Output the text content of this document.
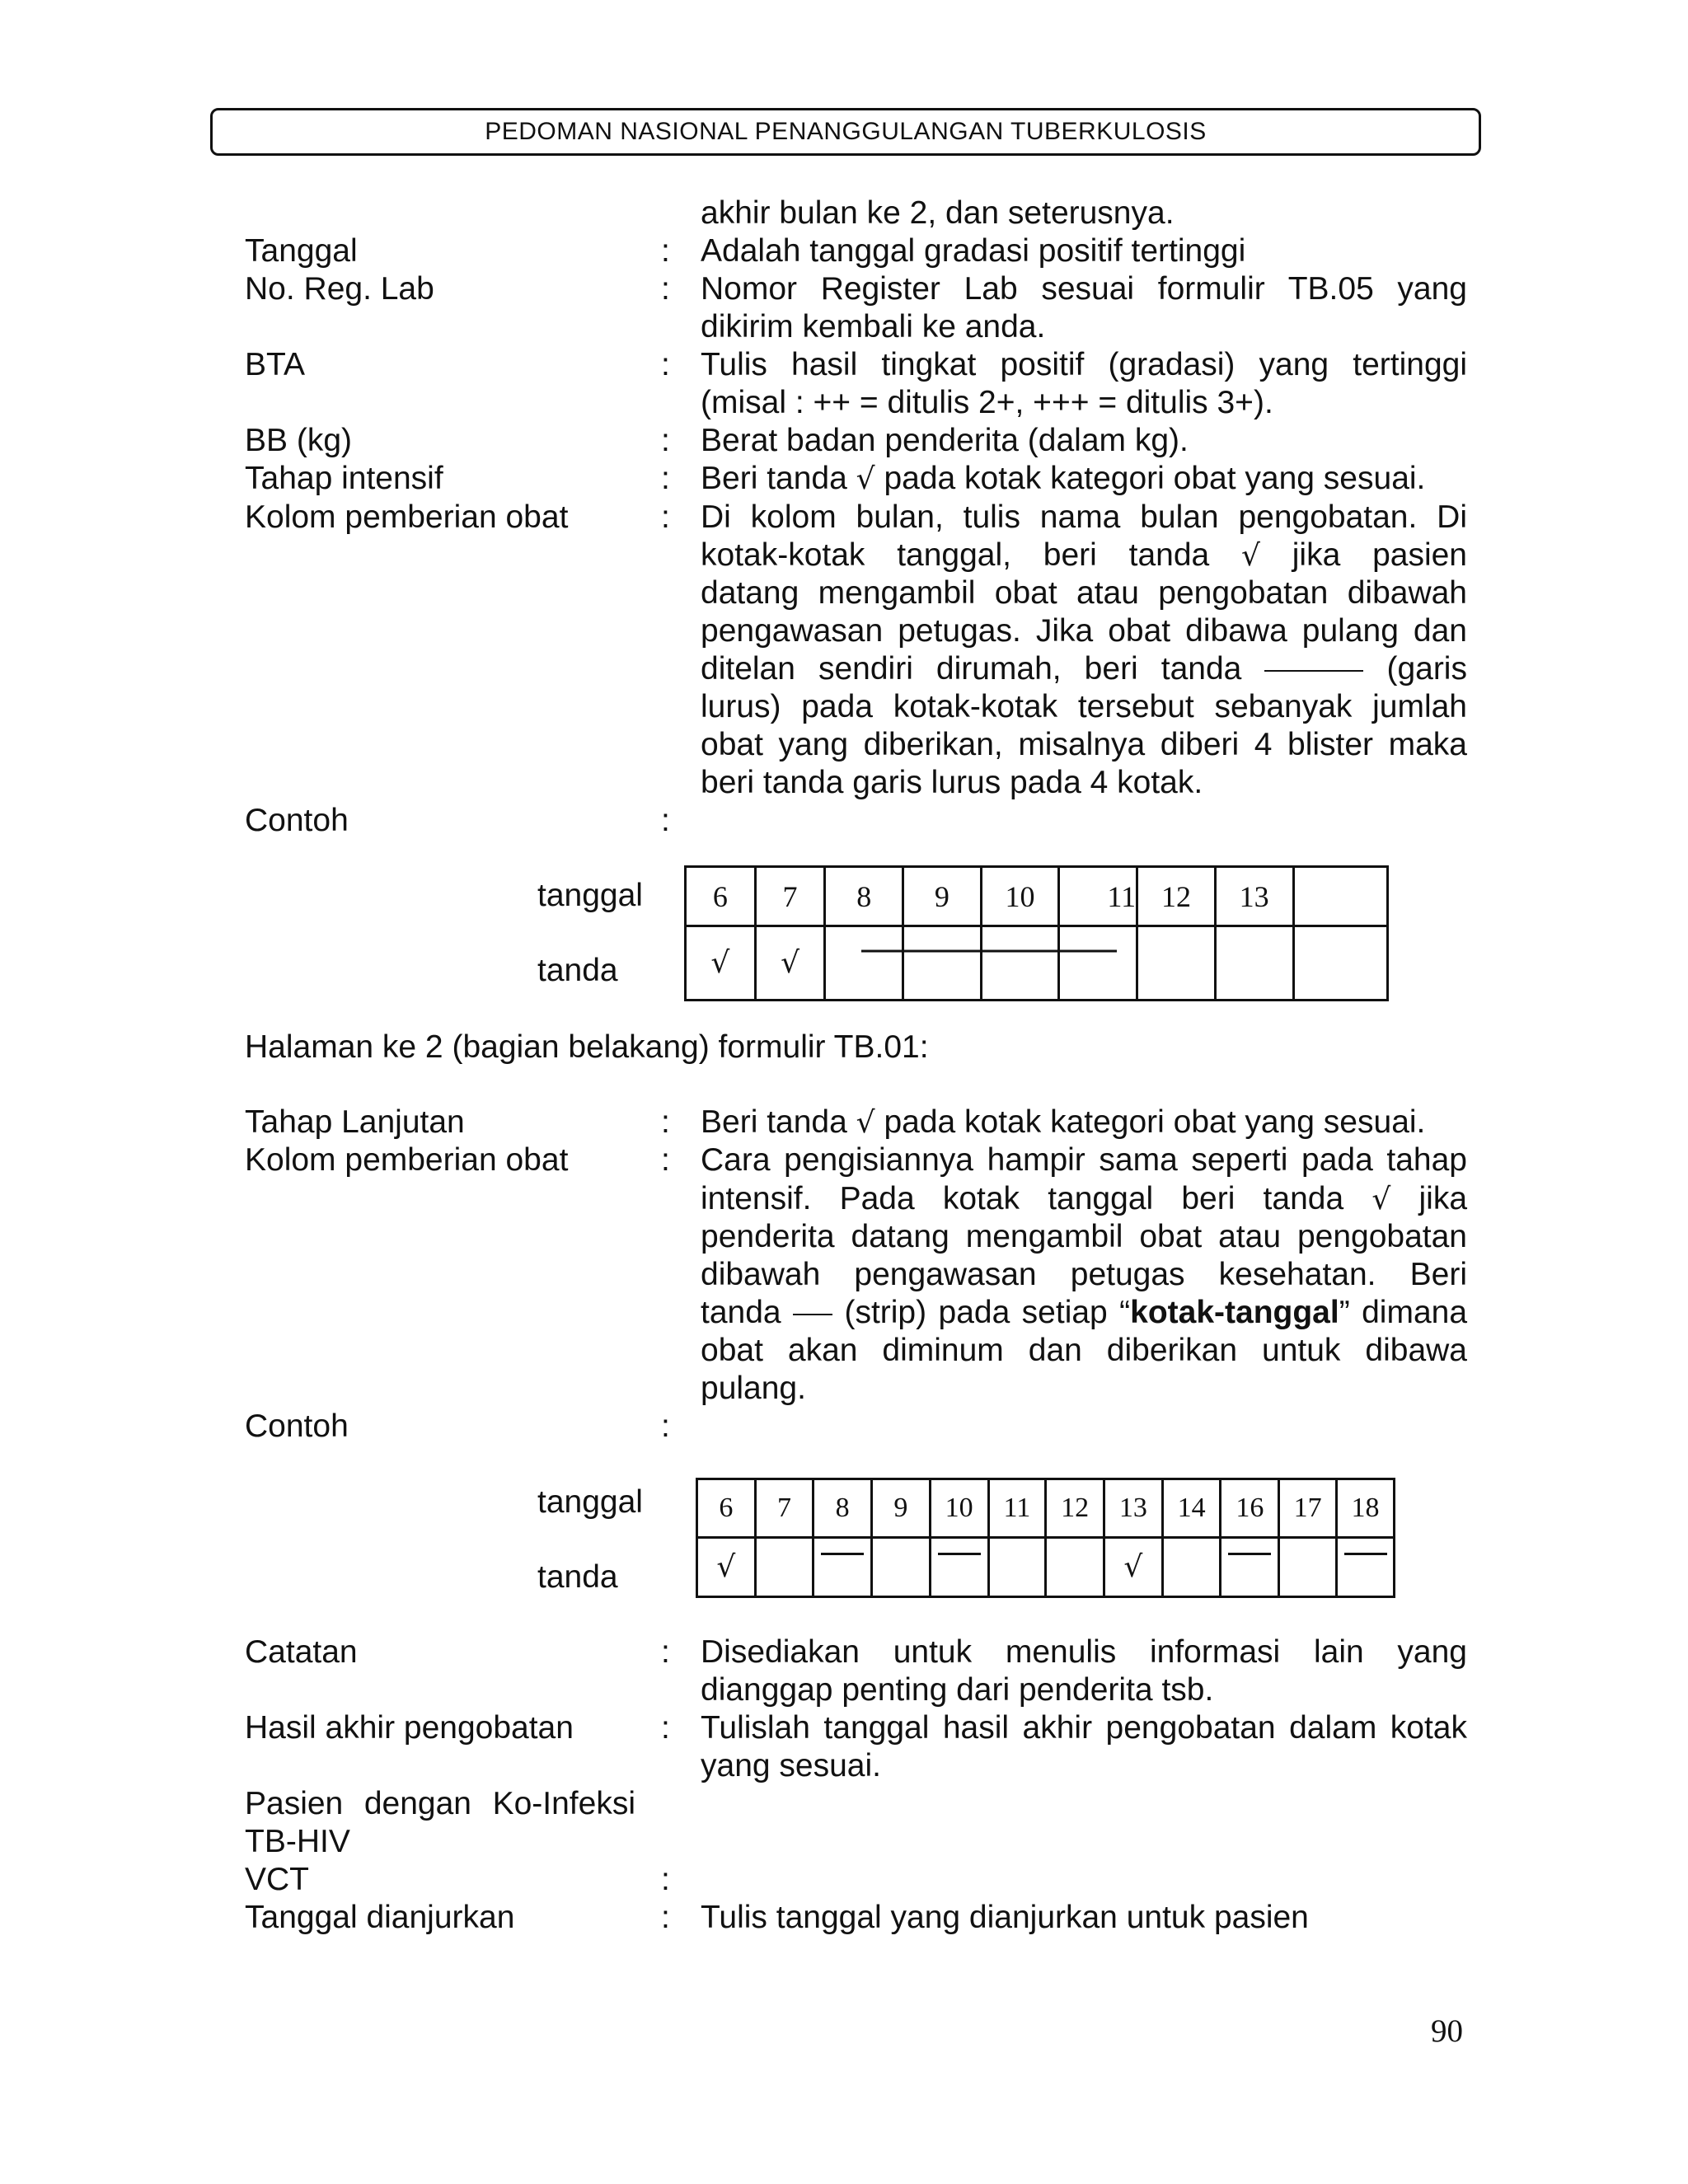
PEDOMAN NASIONAL PENANGGULANGAN TUBERKULOSIS
akhir bulan ke 2, dan seterusnya.
Tanggal	: Adalah tanggal gradasi positif tertinggi
No. Reg. Lab	: Nomor Register Lab sesuai formulir TB.05 yang
dikirim kembali ke anda.
BTA	: Tulis hasil tingkat positif (gradasi) yang tertinggi
(misal : ++ = ditulis 2+, +++ = ditulis 3+).
BB (kg)	: Berat badan penderita (dalam kg).
Tahap intensif	: Beri tanda √ pada kotak kategori obat yang sesuai.
Kolom pemberian obat	: Di kolom bulan, tulis nama bulan pengobatan. Di
kotak-kotak tanggal, beri tanda √ jika pasien
datang mengambil obat atau pengobatan dibawah
pengawasan petugas. Jika obat dibawa pulang dan
ditelan sendiri dirumah, beri tanda	(garis
lurus) pada kotak-kotak tersebut sebanyak jumlah
obat yang diberikan, misalnya diberi 4 blister maka
beri tanda garis lurus pada 4 kotak.
Contoh	:
tanggal
tanda
6	7	8	9	10	11	12	13	
√	√							
Halaman ke 2 (bagian belakang) formulir TB.01:
Tahap Lanjutan	: Beri tanda √ pada kotak kategori obat yang sesuai.
Kolom pemberian obat	: Cara pengisiannya hampir sama seperti pada tahap
intensif. Pada kotak tanggal beri tanda √ jika
penderita datang mengambil obat atau pengobatan
dibawah pengawasan petugas kesehatan. Beri
tanda (strip) pada setiap “kotak-tanggal” dimana
obat akan diminum dan diberikan untuk dibawa
pulang.
Contoh	:
tanggal
tanda
6	7	8	9	10	11	12	13	14	16	17	18
√							√				
Catatan	: Disediakan untuk menulis informasi lain yang
dianggap penting dari penderita tsb.
Hasil akhir pengobatan	: Tulislah tanggal hasil akhir pengobatan dalam kotak
yang sesuai.
Pasien dengan Ko-Infeksi
TB-HIV
VCT	:
Tanggal dianjurkan	: Tulis tanggal yang dianjurkan untuk pasien
90
